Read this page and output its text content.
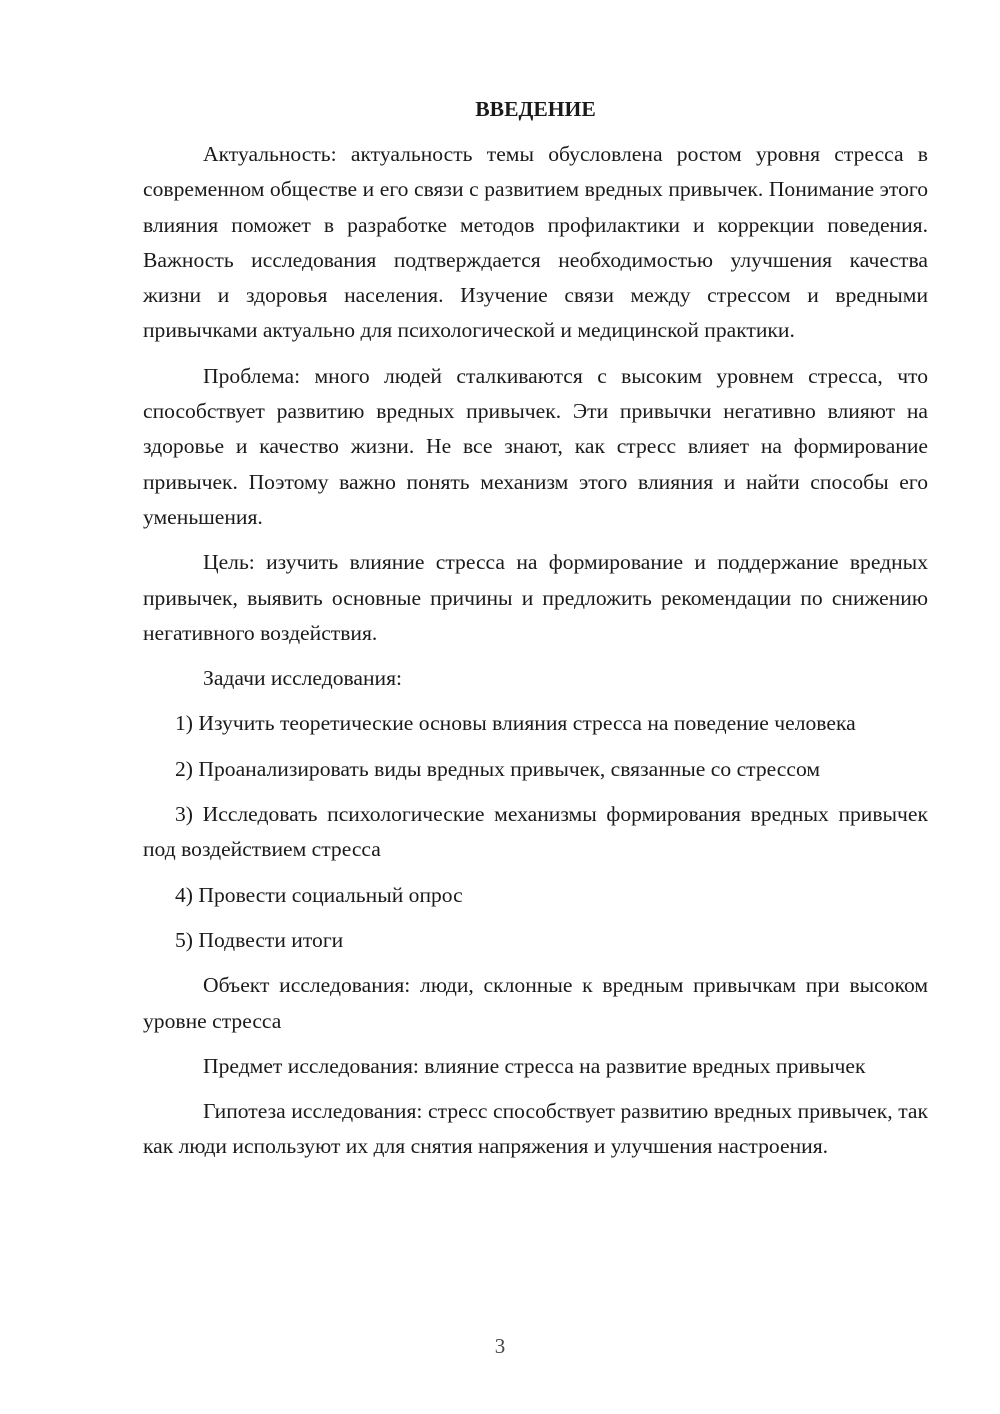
ВВЕДЕНИЕ

Актуальность: актуальность темы обусловлена ростом уровня стресса в современном обществе и его связи с развитием вредных привычек. Понимание этого влияния поможет в разработке методов профилактики и коррекции поведения. Важность исследования подтверждается необходимостью улучшения качества жизни и здоровья населения. Изучение связи между стрессом и вредными привычками актуально для психологической и медицинской практики.

Проблема: много людей сталкиваются с высоким уровнем стресса, что способствует развитию вредных привычек. Эти привычки негативно влияют на здоровье и качество жизни. Не все знают, как стресс влияет на формирование привычек. Поэтому важно понять механизм этого влияния и найти способы его уменьшения.

Цель: изучить влияние стресса на формирование и поддержание вредных привычек, выявить основные причины и предложить рекомендации по снижению негативного воздействия.

Задачи исследования:

1) Изучить теоретические основы влияния стресса на поведение человека

2) Проанализировать виды вредных привычек, связанные со стрессом

3) Исследовать психологические механизмы формирования вредных привычек под воздействием стресса

4) Провести социальный опрос

5) Подвести итоги

Объект исследования: люди, склонные к вредным привычкам при высоком уровне стресса

Предмет исследования: влияние стресса на развитие вредных привычек

Гипотеза исследования: стресс способствует развитию вредных привычек, так как люди используют их для снятия напряжения и улучшения настроения.

3
